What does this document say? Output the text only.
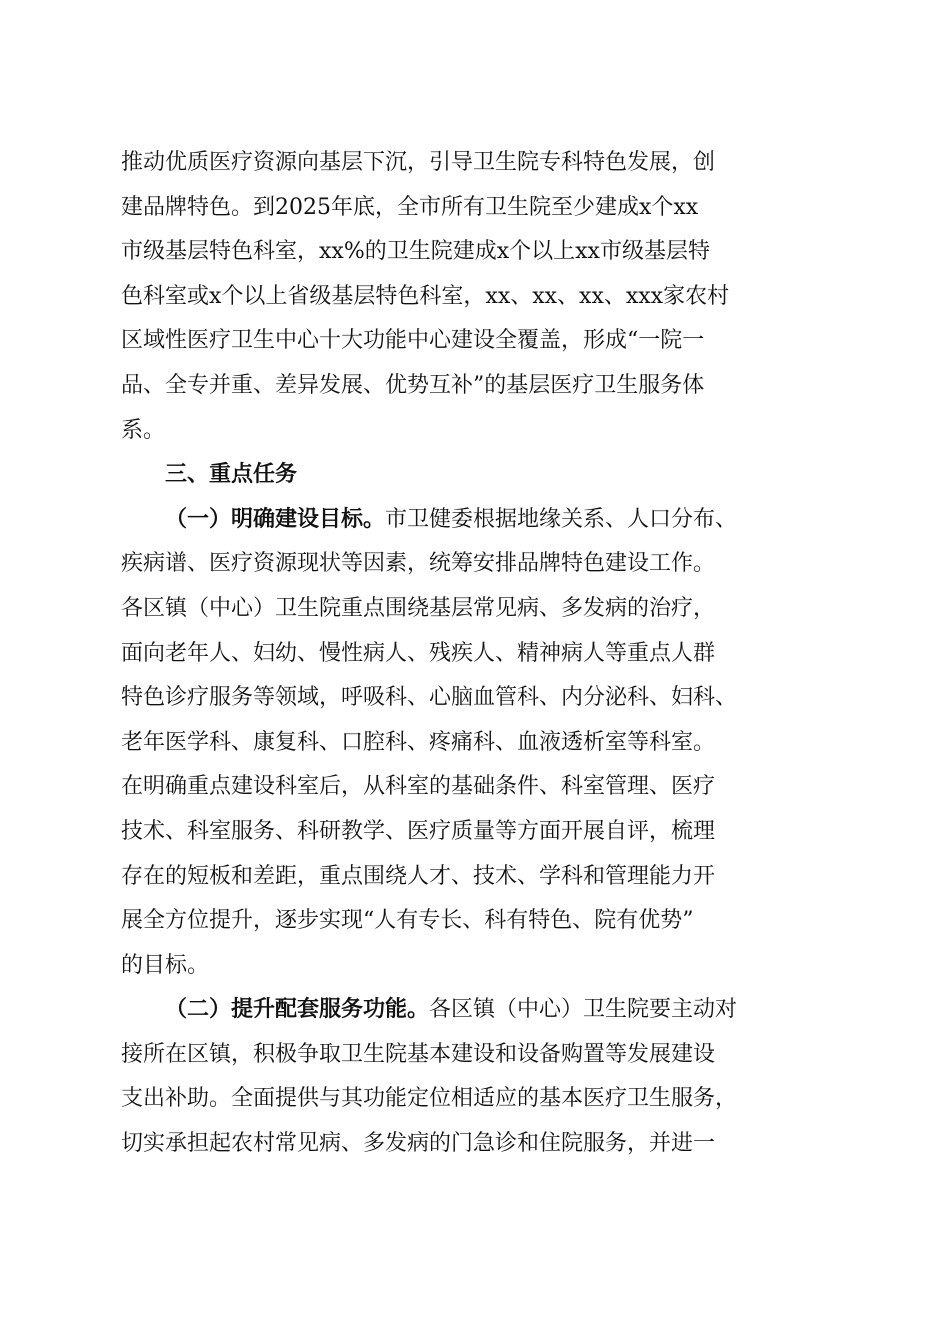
推动优质医疗资源向基层下沉，引导卫生院专科特色发展，创
建品牌特色。到2025年底，全市所有卫生院至少建成x个xx
市级基层特色科室，xx%的卫生院建成x个以上xx市级基层特
色科室或x个以上省级基层特色科室，xx、xx、xx、xxx家农村
区域性医疗卫生中心十大功能中心建设全覆盖，形成“一院一
品、全专并重、差异发展、优势互补”的基层医疗卫生服务体
系。
三、重点任务
（一）明确建设目标。市卫健委根据地缘关系、人口分布、
疾病谱、医疗资源现状等因素，统筹安排品牌特色建设工作。
各区镇（中心）卫生院重点围绕基层常见病、多发病的治疗，
面向老年人、妇幼、慢性病人、残疾人、精神病人等重点人群
特色诊疗服务等领域，呼吸科、心脑血管科、内分泌科、妇科、
老年医学科、康复科、口腔科、疼痛科、血液透析室等科室。
在明确重点建设科室后，从科室的基础条件、科室管理、医疗
技术、科室服务、科研教学、医疗质量等方面开展自评，梳理
存在的短板和差距，重点围绕人才、技术、学科和管理能力开
展全方位提升，逐步实现“人有专长、科有特色、院有优势”
的目标。
（二）提升配套服务功能。各区镇（中心）卫生院要主动对
接所在区镇，积极争取卫生院基本建设和设备购置等发展建设
支出补助。全面提供与其功能定位相适应的基本医疗卫生服务，
切实承担起农村常见病、多发病的门急诊和住院服务，并进一
